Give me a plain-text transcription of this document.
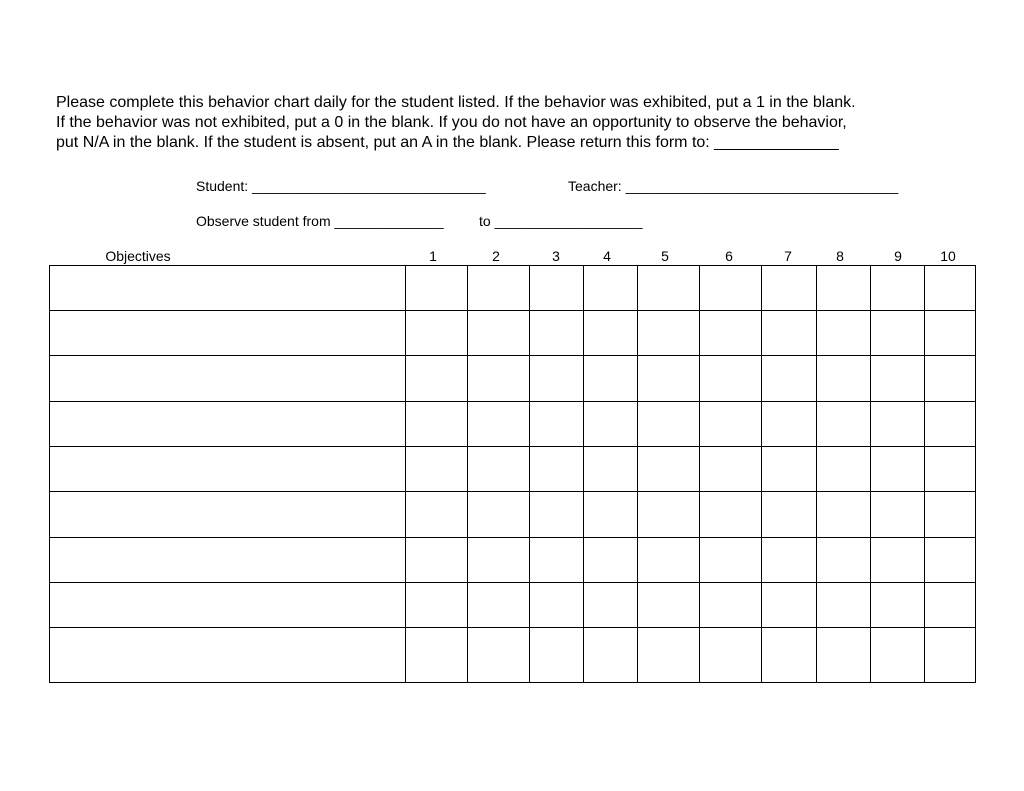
Please complete this behavior chart daily for the student listed. If the behavior was exhibited, put a 1 in the blank.
If the behavior was not exhibited, put a 0 in the blank. If you do not have an opportunity to observe the behavior,
put N/A in the blank. If the student is absent, put an A in the blank. Please return this form to: ______________
Student: ______________________________	Teacher: ___________________________________
Observe student from ______________	to ___________________
Objectives	1	2	3	4	5	6	7	8	9	10
